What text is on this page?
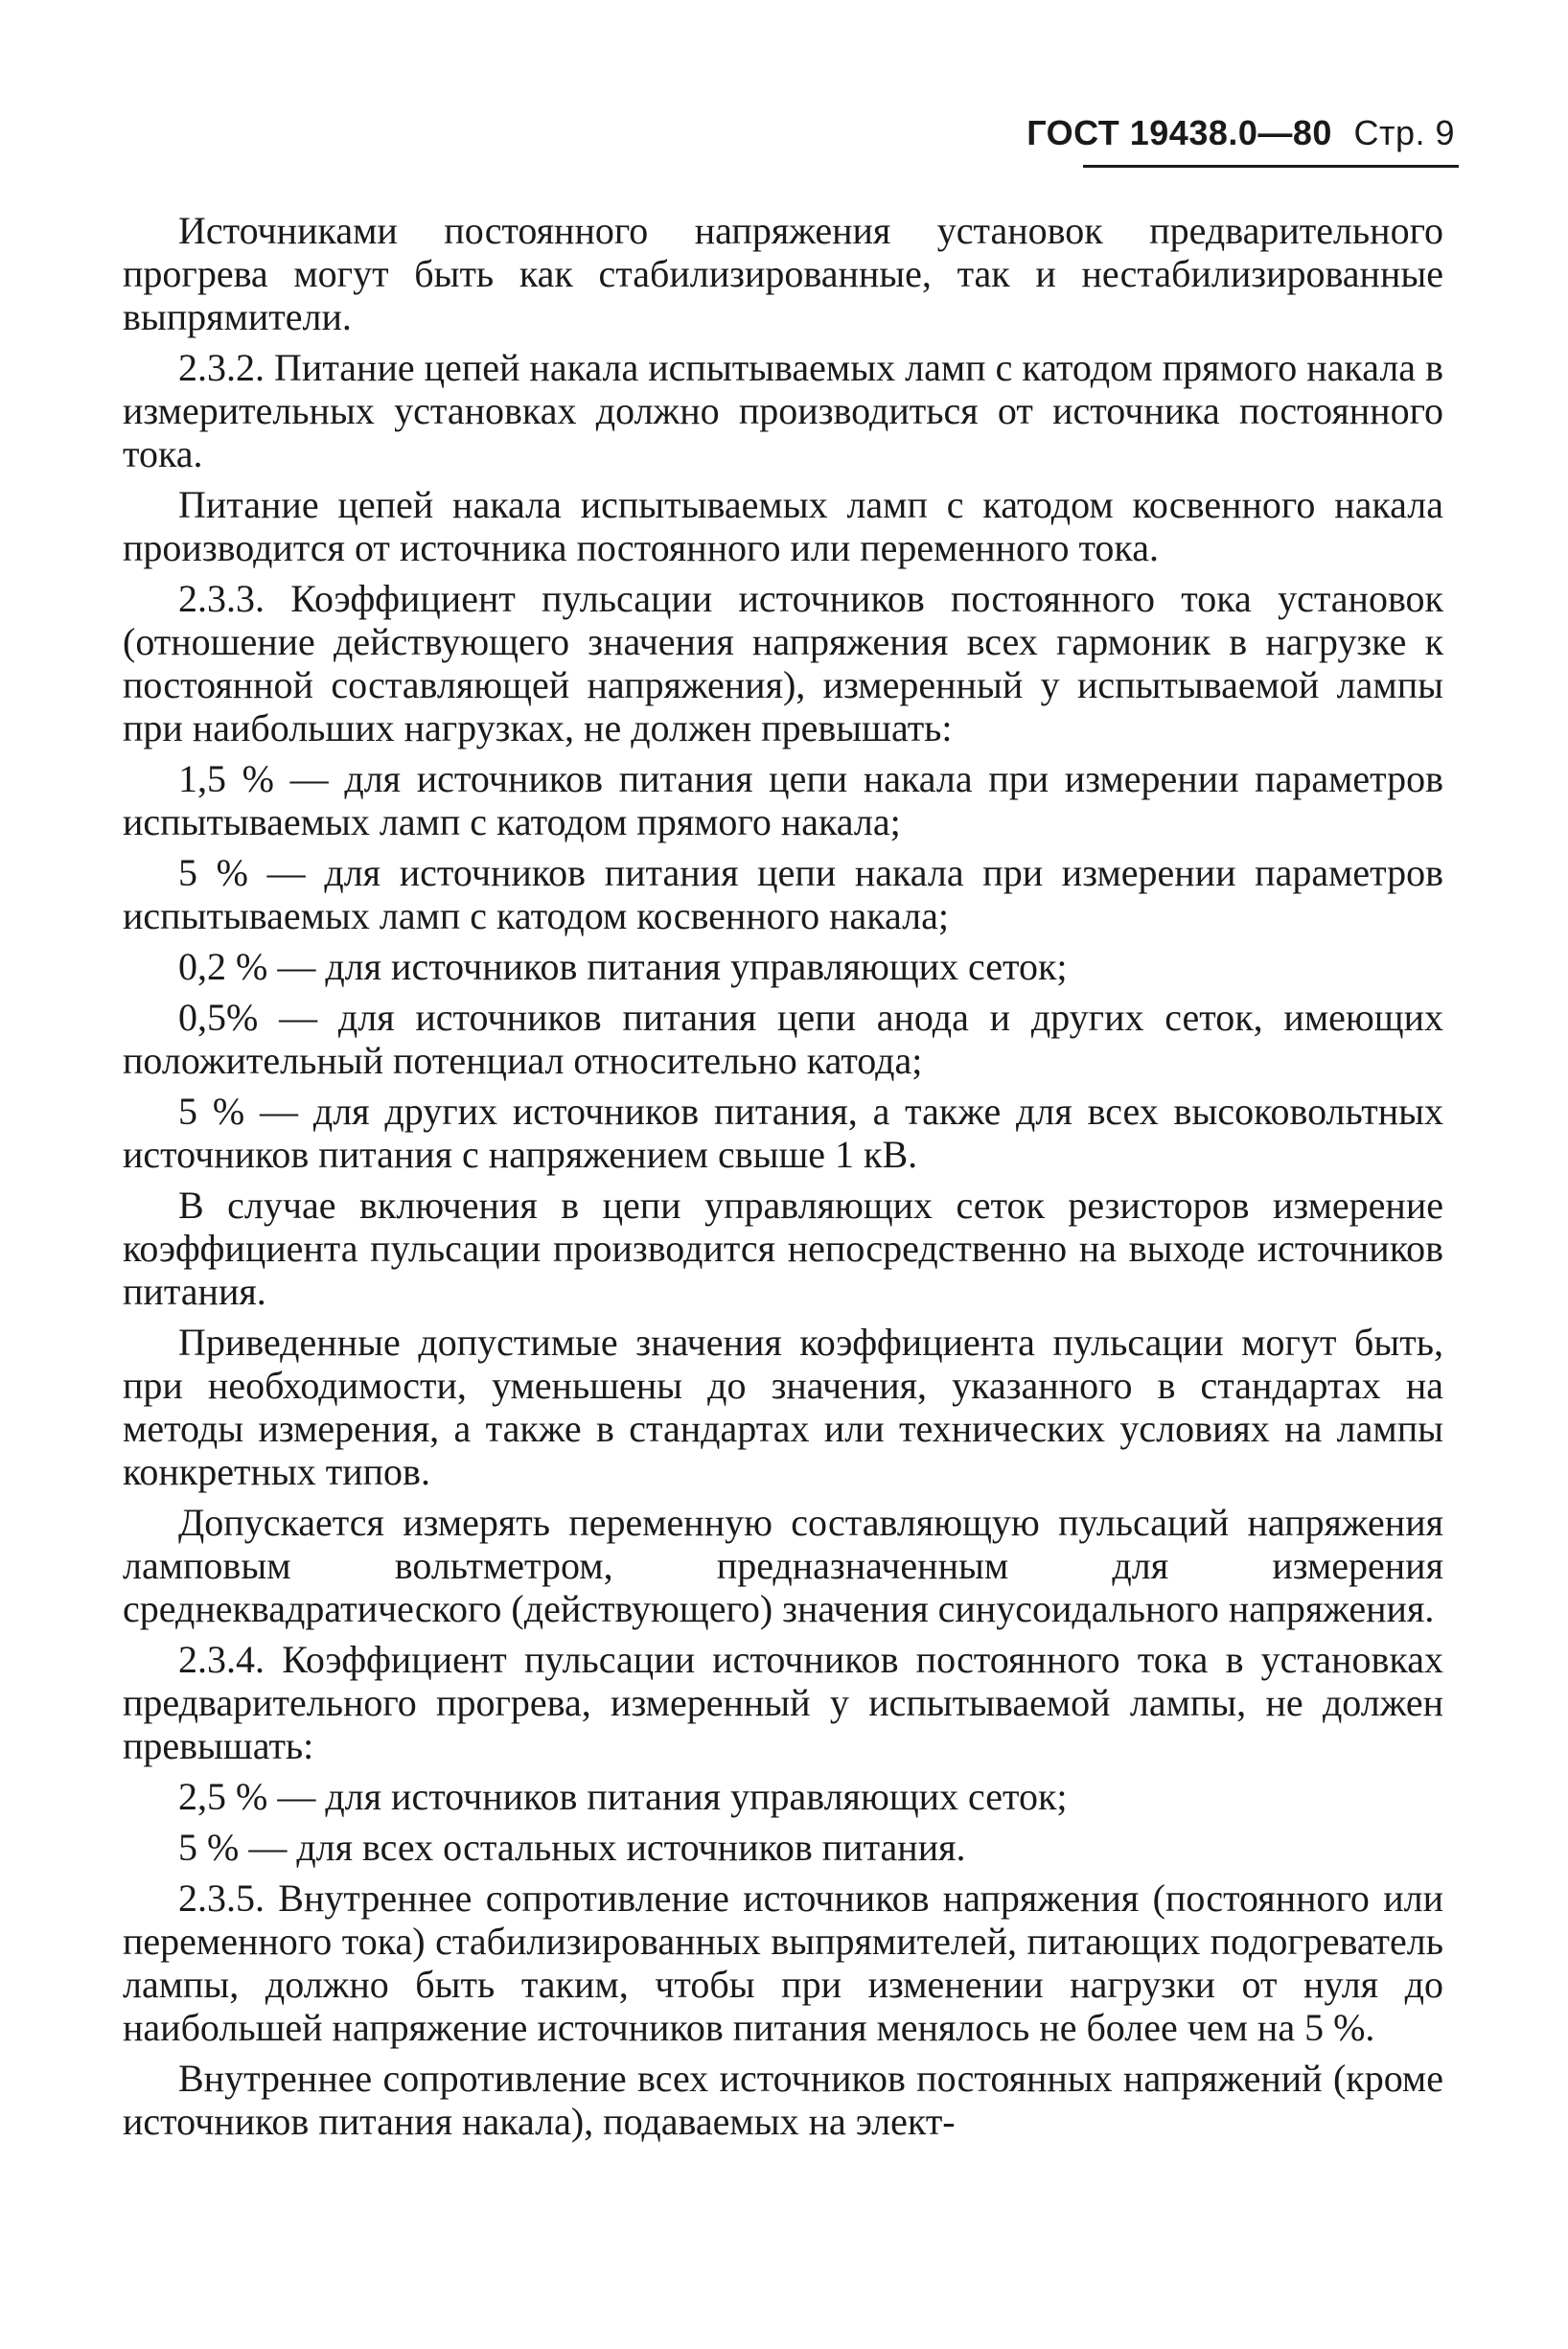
ГОСТ 19438.0—80 Стр. 9

Источниками постоянного напряжения установок предварительного прогрева могут быть как стабилизированные, так и нестабилизированные выпрямители.

2.3.2. Питание цепей накала испытываемых ламп с катодом прямого накала в измерительных установках должно производиться от источника постоянного тока.

Питание цепей накала испытываемых ламп с катодом косвенного накала производится от источника постоянного или переменного тока.

2.3.3. Коэффициент пульсации источников постоянного тока установок (отношение действующего значения напряжения всех гармоник в нагрузке к постоянной составляющей напряжения), измеренный у испытываемой лампы при наибольших нагрузках, не должен превышать:

1,5 % — для источников питания цепи накала при измерении параметров испытываемых ламп с катодом прямого накала;

5 % — для источников питания цепи накала при измерении параметров испытываемых ламп с катодом косвенного накала;

0,2 % — для источников питания управляющих сеток;

0,5% — для источников питания цепи анода и других сеток, имеющих положительный потенциал относительно катода;

5 % — для других источников питания, а также для всех высоковольтных источников питания с напряжением свыше 1 кВ.

В случае включения в цепи управляющих сеток резисторов измерение коэффициента пульсации производится непосредственно на выходе источников питания.

Приведенные допустимые значения коэффициента пульсации могут быть, при необходимости, уменьшены до значения, указанного в стандартах на методы измерения, а также в стандартах или технических условиях на лампы конкретных типов.

Допускается измерять переменную составляющую пульсаций напряжения ламповым вольтметром, предназначенным для измерения среднеквадратического (действующего) значения синусоидального напряжения.

2.3.4. Коэффициент пульсации источников постоянного тока в установках предварительного прогрева, измеренный у испытываемой лампы, не должен превышать:

2,5 % — для источников питания управляющих сеток;

5 % — для всех остальных источников питания.

2.3.5. Внутреннее сопротивление источников напряжения (постоянного или переменного тока) стабилизированных выпрямителей, питающих подогреватель лампы, должно быть таким, чтобы при изменении нагрузки от нуля до наибольшей напряжение источников питания менялось не более чем на 5 %.

Внутреннее сопротивление всех источников постоянных напряжений (кроме источников питания накала), подаваемых на элект-
